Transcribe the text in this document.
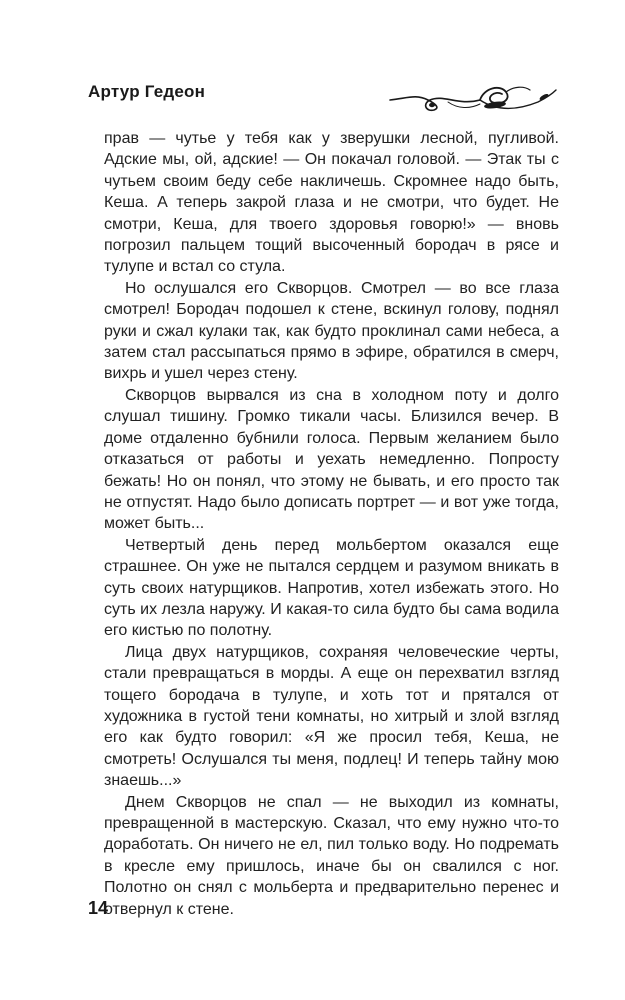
Артур Гедеон

прав — чутье у тебя как у зверушки лесной, пугливой. Адские мы, ой, адские! — Он покачал головой. — Этак ты с чутьем своим беду себе накличешь. Скромнее надо быть, Кеша. А теперь закрой глаза и не смотри, что будет. Не смотри, Кеша, для твоего здоровья говорю!» — вновь погрозил пальцем тощий высоченный бородач в рясе и тулупе и встал со стула.

Но ослушался его Скворцов. Смотрел — во все глаза смотрел! Бородач подошел к стене, вскинул голову, поднял руки и сжал кулаки так, как будто проклинал сами небеса, а затем стал рассыпаться прямо в эфире, обратился в смерч, вихрь и ушел через стену.

Скворцов вырвался из сна в холодном поту и долго слушал тишину. Громко тикали часы. Близился вечер. В доме отдаленно бубнили голоса. Первым желанием было отказаться от работы и уехать немедленно. Попросту бежать! Но он понял, что этому не бывать, и его просто так не отпустят. Надо было дописать портрет — и вот уже тогда, может быть...

Четвертый день перед мольбертом оказался еще страшнее. Он уже не пытался сердцем и разумом вникать в суть своих натурщиков. Напротив, хотел избежать этого. Но суть их лезла наружу. И какая-то сила будто бы сама водила его кистью по полотну.

Лица двух натурщиков, сохраняя человеческие черты, стали превращаться в морды. А еще он перехватил взгляд тощего бородача в тулупе, и хоть тот и прятался от художника в густой тени комнаты, но хитрый и злой взгляд его как будто говорил: «Я же просил тебя, Кеша, не смотреть! Ослушался ты меня, подлец! И теперь тайну мою знаешь...»

Днем Скворцов не спал — не выходил из комнаты, превращенной в мастерскую. Сказал, что ему нужно что-то доработать. Он ничего не ел, пил только воду. Но подремать в кресле ему пришлось, иначе бы он свалился с ног. Полотно он снял с мольберта и предварительно перенес и отвернул к стене.

14
